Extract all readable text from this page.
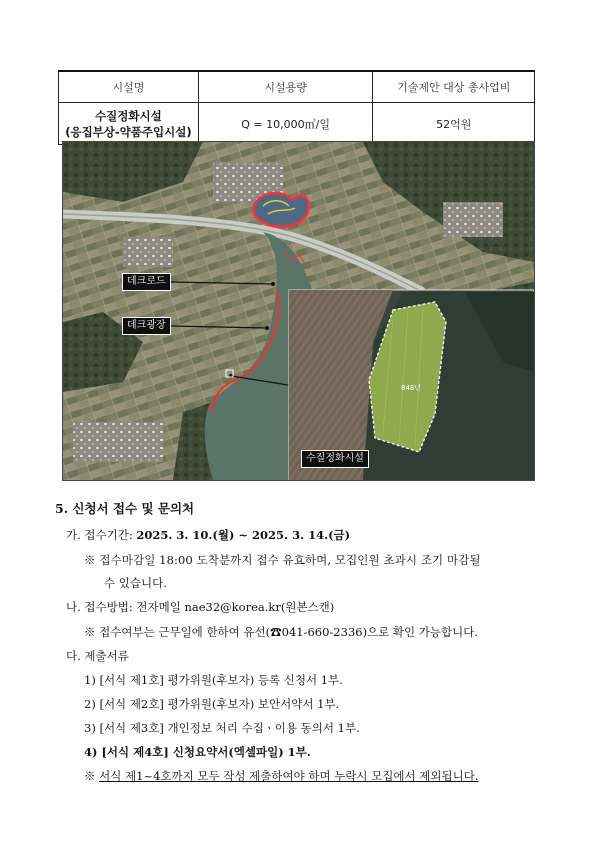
시설명	시설용량	기술제안 대상 총사업비

수질정화시설
(응집부상-약품주입시설)	Q = 10,000㎥/일	52억원
데크로드
데크광장
수질정화시설
848년
5. 신청서 접수 및 문의처
가. 접수기간: 2025. 3. 10.(월) ~ 2025. 3. 14.(금)
※ 접수마감일 18:00 도착분까지 접수 유효하며, 모집인원 초과시 조기 마감될
수 있습니다.
나. 접수방법: 전자메일 nae32@korea.kr(원본스캔)
※ 접수여부는 근무일에 한하여 유선(☎041-660-2336)으로 확인 가능합니다.
다. 제출서류
1) [서식 제1호] 평가위원(후보자) 등록 신청서 1부.
2) [서식 제2호] 평가위원(후보자) 보안서약서 1부.
3) [서식 제3호] 개인정보 처리 수집ㆍ이용 동의서 1부.
4) [서식 제4호] 신청요약서(엑셀파일) 1부.
※ 서식 제1~4호까지 모두 작성 제출하여야 하며 누락시 모집에서 제외됩니다.
